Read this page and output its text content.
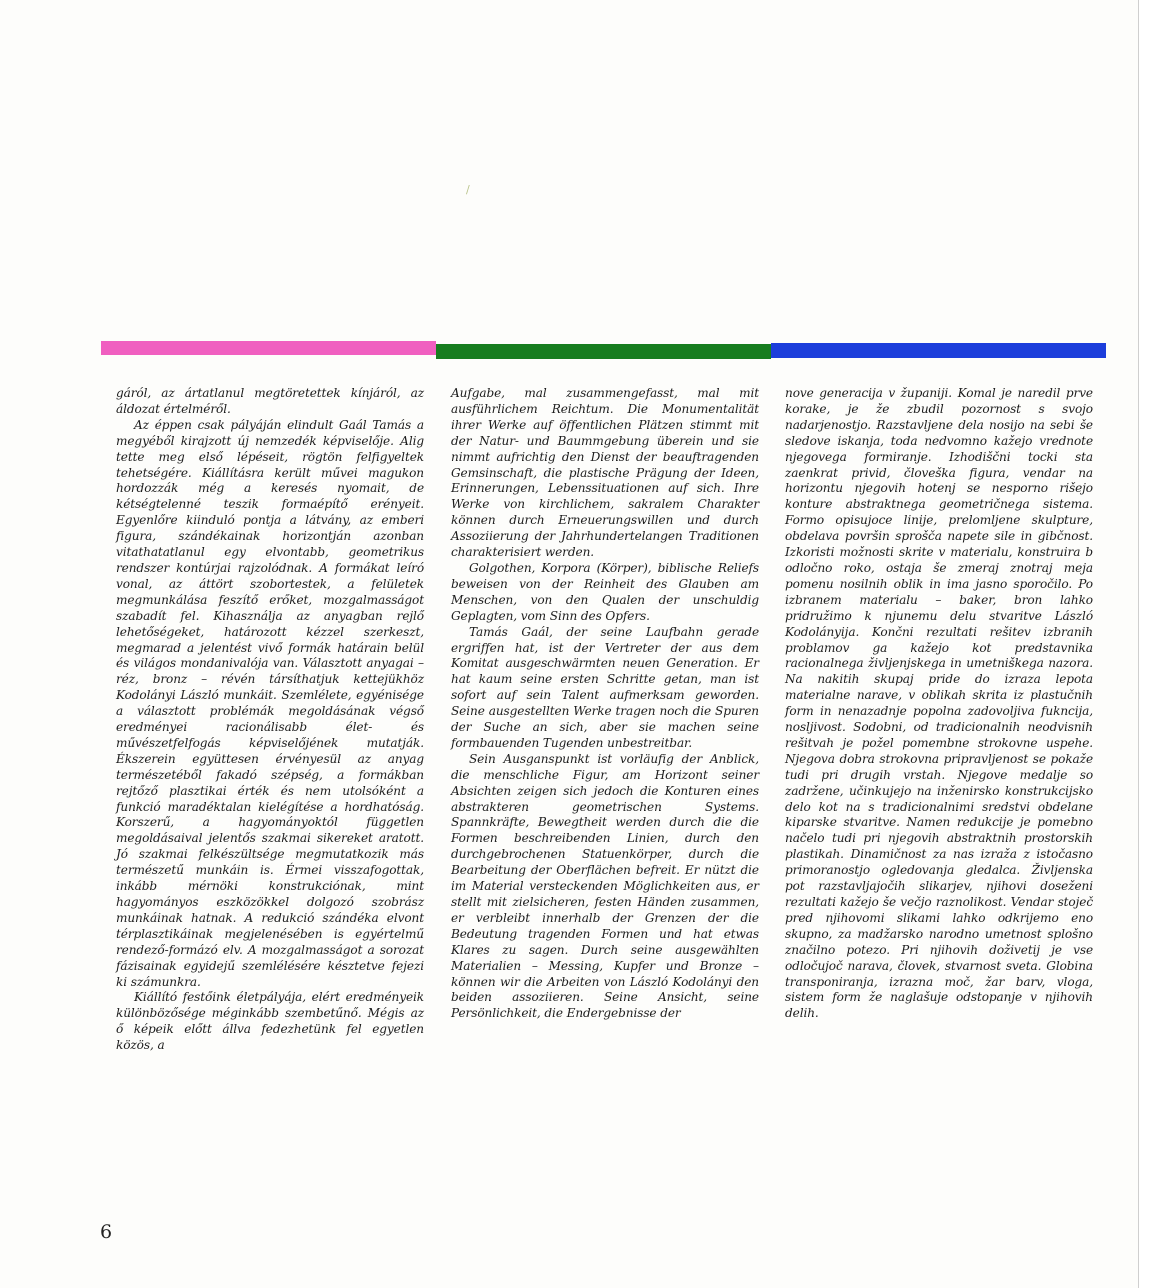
/

gáról, az ártatlanul megtöretettek kínjáról, az áldozat értelméről.

Az éppen csak pályáján elindult Gaál Tamás a megyéből kirajzott új nemzedék képviselője. Alig tette meg első lépéseit, rögtön felfigyeltek tehetségére. Kiállításra került művei magukon hordozzák még a keresés nyomait, de kétségtelenné teszik formaépítő erényeit. Egyenlőre kiinduló pontja a látvány, az emberi figura, szándékainak horizontján azonban vitathatatlanul egy elvontabb, geometrikus rendszer kontúrjai rajzolódnak. A formákat leíró vonal, az áttört szobortestek, a felületek megmunkálása feszítő erőket, mozgalmasságot szabadít fel. Kihasználja az anyagban rejlő lehetőségeket, határozott kézzel szerkeszt, megmarad a jelentést vivő formák határain belül és világos mondanivalója van. Választott anyagai – réz, bronz – révén társíthatjuk kettejükhöz Kodolányi László munkáit. Szemlélete, egyénisége a választott problémák megoldásának végső eredményei racionálisabb élet- és művészetfelfogás képviselőjének mutatják. Ékszerein együttesen érvényesül az anyag természetéből fakadó szépség, a formákban rejtőző plasztikai érték és nem utolsóként a funkció maradéktalan kielégítése a hordhatóság. Korszerű, a hagyományoktól független megoldásaival jelentős szakmai sikereket aratott. Jó szakmai felkészültsége megmutatkozik más természetű munkáin is. Érmei visszafogottak, inkább mérnöki konstrukciónak, mint hagyományos eszközökkel dolgozó szobrász munkáinak hatnak. A redukció szándéka elvont térplasztikáinak megjelenésében is egyértelmű rendező-formázó elv. A mozgalmasságot a sorozat fázisainak egyidejű szemlélésére késztetve fejezi ki számunkra.

Kiállító festőink életpályája, elért eredményeik különbözősége méginkább szembetűnő. Mégis az ő képeik előtt állva fedezhetünk fel egyetlen közös, a

Aufgabe, mal zusammengefasst, mal mit ausführlichem Reichtum. Die Monumentalität ihrer Werke auf öffentlichen Plätzen stimmt mit der Natur- und Baummgebung überein und sie nimmt aufrichtig den Dienst der beauftragenden Gemsinschaft, die plastische Prägung der Ideen, Erinnerungen, Lebenssituationen auf sich. Ihre Werke von kirchlichem, sakralem Charakter können durch Erneuerungswillen und durch Assoziierung der Jahrhundertelangen Traditionen charakterisiert werden.

Golgothen, Korpora (Körper), biblische Reliefs beweisen von der Reinheit des Glauben am Menschen, von den Qualen der unschuldig Geplagten, vom Sinn des Opfers.

Tamás Gaál, der seine Laufbahn gerade ergriffen hat, ist der Vertreter der aus dem Komitat ausgeschwärmten neuen Generation. Er hat kaum seine ersten Schritte getan, man ist sofort auf sein Talent aufmerksam geworden. Seine ausgestellten Werke tragen noch die Spuren der Suche an sich, aber sie machen seine formbauenden Tugenden unbestreitbar.

Sein Ausganspunkt ist vorläufig der Anblick, die menschliche Figur, am Horizont seiner Absichten zeigen sich jedoch die Konturen eines abstrakteren geometrischen Systems. Spannkräfte, Bewegtheit werden durch die die Formen beschreibenden Linien, durch den durchgebrochenen Statuenkörper, durch die Bearbeitung der Oberflächen befreit. Er nützt die im Material versteckenden Möglichkeiten aus, er stellt mit zielsicheren, festen Händen zusammen, er verbleibt innerhalb der Grenzen der die Bedeutung tragenden Formen und hat etwas Klares zu sagen. Durch seine ausgewählten Materialien – Messing, Kupfer und Bronze – können wir die Arbeiten von László Kodolányi den beiden assoziieren. Seine Ansicht, seine Persönlichkeit, die Endergebnisse der

nove generacija v županiji. Komal je naredil prve korake, je že zbudil pozornost s svojo nadarjenostjo. Razstavljene dela nosijo na sebi še sledove iskanja, toda nedvomno kažejo vrednote njegovega formiranje. Izhodiščni tocki sta zaenkrat privid, človeška figura, vendar na horizontu njegovih hotenj se nesporno rišejo konture abstraktnega geometričnega sistema. Formo opisujoce linije, prelomljene skulpture, obdelava površin sprošča napete sile in gibčnost. Izkoristi možnosti skrite v materialu, konstruira b odločno roko, ostaja še zmeraj znotraj meja pomenu nosilnih oblik in ima jasno sporočilo. Po izbranem materialu – baker, bron lahko pridružimo k njunemu delu stvaritve László Kodolányija. Končni rezultati rešitev izbranih problamov ga kažejo kot predstavnika racionalnega življenjskega in umetniškega nazora. Na nakitih skupaj pride do izraza lepota materialne narave, v oblikah skrita iz plastučnih form in nenazadnje popolna zadovoljiva fukncija, nosljivost. Sodobni, od tradicionalnih neodvisnih rešitvah je požel pomembne strokovne uspehe. Njegova dobra strokovna pripravljenost se pokaže tudi pri drugih vrstah. Njegove medalje so zadržene, učinkujejo na inženirsko konstrukcijsko delo kot na s tradicionalnimi sredstvi obdelane kiparske stvaritve. Namen redukcije je pomebno načelo tudi pri njegovih abstraktnih prostorskih plastikah. Dinamičnost za nas izraža z istočasno primoranostjo ogledovanja gledalca. Življenska pot razstavljajočih slikarjev, njihovi doseženi rezultati kažejo še večjo raznolikost. Vendar stoječ pred njihovomi slikami lahko odkrijemo eno skupno, za madžarsko narodno umetnost splošno značilno potezo. Pri njihovih doživetij je vse odločujoč narava, človek, stvarnost sveta. Globina transponiranja, izrazna moč, žar barv, vloga, sistem form že naglašuje odstopanje v njihovih delih.

6
